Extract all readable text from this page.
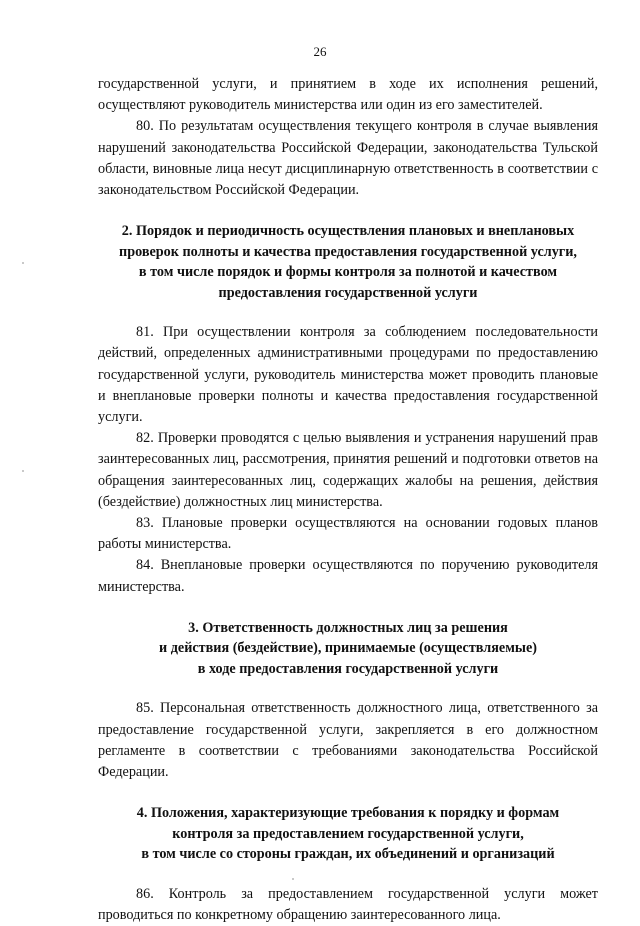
26

государственной услуги, и принятием в ходе их исполнения решений, осуществляют руководитель министерства или один из его заместителей.

80. По результатам осуществления текущего контроля в случае выявления нарушений законодательства Российской Федерации, законодательства Тульской области, виновные лица несут дисциплинарную ответственность в соответствии с законодательством Российской Федерации.

2. Порядок и периодичность осуществления плановых и внеплановых
проверок полноты и качества предоставления государственной услуги,
в том числе порядок и формы контроля за полнотой и качеством
предоставления государственной услуги

81. При осуществлении контроля за соблюдением последовательности действий, определенных административными процедурами по предоставлению государственной услуги, руководитель министерства может проводить плановые и внеплановые проверки полноты и качества предоставления государственной услуги.

82. Проверки проводятся с целью выявления и устранения нарушений прав заинтересованных лиц, рассмотрения, принятия решений и подготовки ответов на обращения заинтересованных лиц, содержащих жалобы на решения, действия (бездействие) должностных лиц министерства.

83. Плановые проверки осуществляются на основании годовых планов работы министерства.

84. Внеплановые проверки осуществляются по поручению руководителя министерства.

3. Ответственность должностных лиц за решения
и действия (бездействие), принимаемые (осуществляемые)
в ходе предоставления государственной услуги

85. Персональная ответственность должностного лица, ответственного за предоставление государственной услуги, закрепляется в его должностном регламенте в соответствии с требованиями законодательства Российской Федерации.

4. Положения, характеризующие требования к порядку и формам
контроля за предоставлением государственной услуги,
в том числе со стороны граждан, их объединений и организаций

86. Контроль за предоставлением государственной услуги может проводиться по конкретному обращению заинтересованного лица.
